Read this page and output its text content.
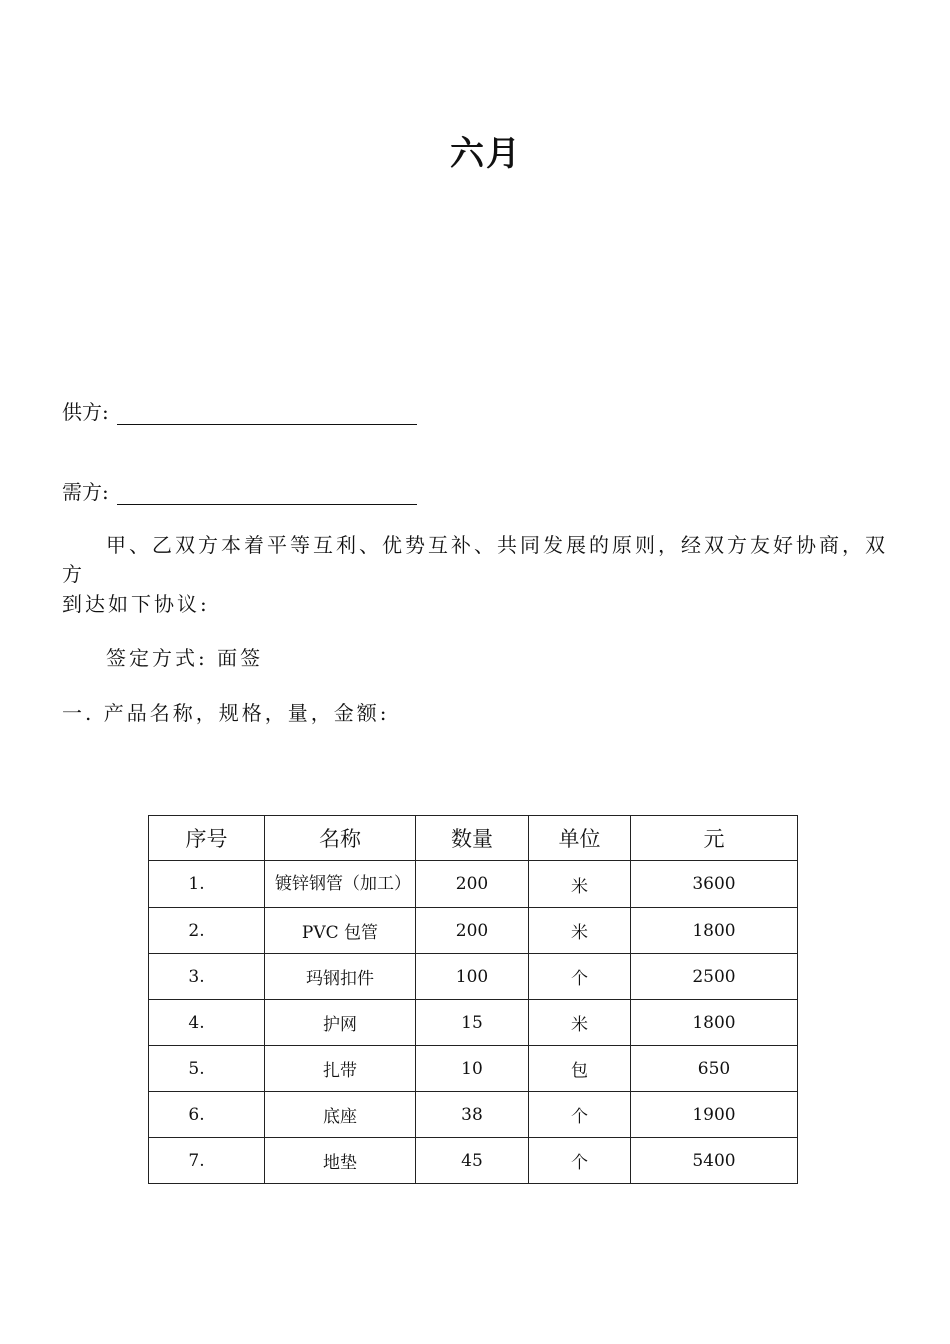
六月
供方:
需方:
甲、乙双方本着平等互利、优势互补、共同发展的原则，经双方友好协商，双方
到达如下协议:
签定方式: 面签
一. 产品名称，规格，量，金额:
序号	名称	数量	单位	元
1.	镀锌钢管（加工）	200	米	3600
2.	PVC 包管	200	米	1800
3.	玛钢扣件	100	个	2500
4.	护网	15	米	1800
5.	扎带	10	包	650
6.	底座	38	个	1900
7.	地垫	45	个	5400
